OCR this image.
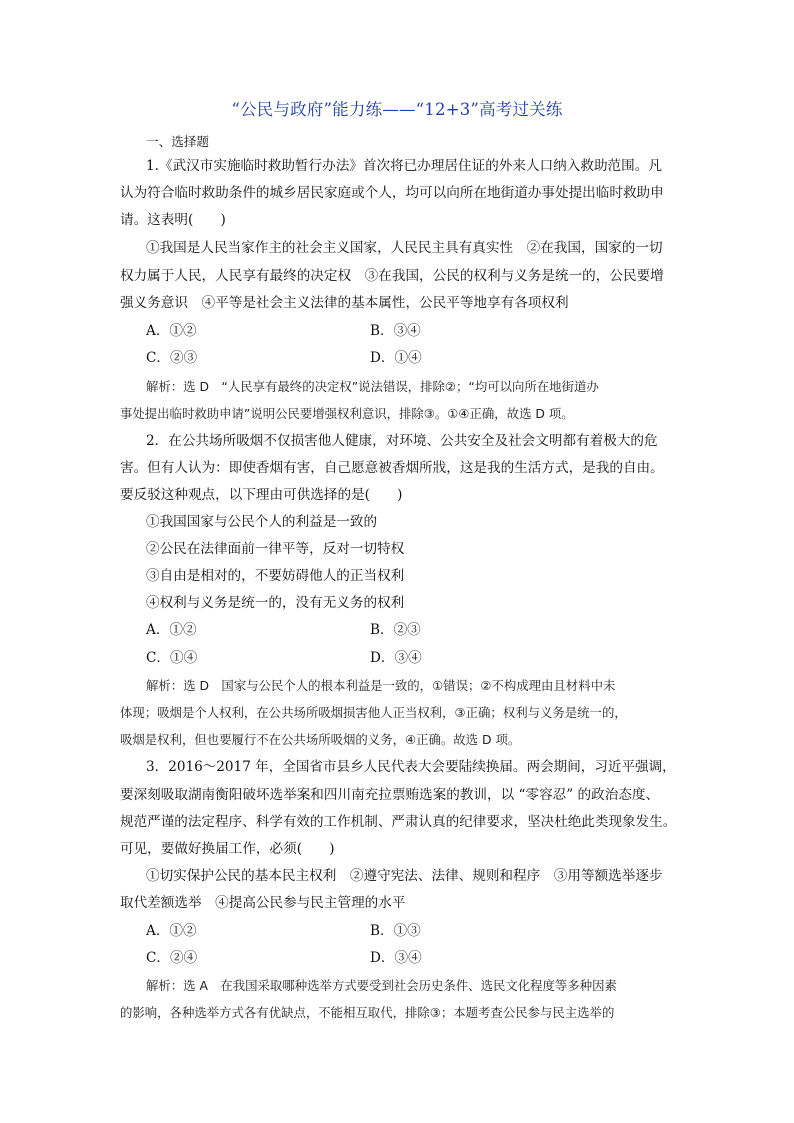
“公民与政府”能力练——“12+3”高考过关练
一、选择题
1.《武汉市实施临时救助暂行办法》首次将已办理居住证的外来人口纳入救助范围。凡
认为符合临时救助条件的城乡居民家庭或个人，均可以向所在地街道办事处提出临时救助申
请。这表明(　　)
①我国是人民当家作主的社会主义国家，人民民主具有真实性　②在我国，国家的一切
权力属于人民，人民享有最终的决定权　③在我国，公民的权利与义务是统一的，公民要增
强义务意识　④平等是社会主义法律的基本属性，公民平等地享有各项权利
A．①②	B．③④
C．②③	D．①④
解析：选 D　“人民享有最终的决定权”说法错误，排除②；“均可以向所在地街道办
事处提出临时救助申请”说明公民要增强权利意识，排除③。①④正确，故选 D 项。
2．在公共场所吸烟不仅损害他人健康，对环境、公共安全及社会文明都有着极大的危
害。但有人认为：即使香烟有害，自己愿意被香烟所戕，这是我的生活方式，是我的自由。
要反驳这种观点，以下理由可供选择的是(　　)
①我国国家与公民个人的利益是一致的
②公民在法律面前一律平等，反对一切特权
③自由是相对的，不要妨碍他人的正当权利
④权利与义务是统一的，没有无义务的权利
A．①②	B．②③
C．①④	D．③④
解析：选 D　国家与公民个人的根本利益是一致的，①错误；②不构成理由且材料中未
体现；吸烟是个人权利，在公共场所吸烟损害他人正当权利，③正确；权利与义务是统一的，
吸烟是权利，但也要履行不在公共场所吸烟的义务，④正确。故选 D 项。
3．2016～2017 年，全国省市县乡人民代表大会要陆续换届。两会期间，习近平强调，
要深刻吸取湖南衡阳破坏选举案和四川南充拉票贿选案的教训，以 “零容忍” 的政治态度、
规范严谨的法定程序、科学有效的工作机制、严肃认真的纪律要求，坚决杜绝此类现象发生。
可见，要做好换届工作，必须(　　)
①切实保护公民的基本民主权利　②遵守宪法、法律、规则和程序　③用等额选举逐步
取代差额选举　④提高公民参与民主管理的水平
A．①②	B．①③
C．②④	D．③④
解析：选 A　在我国采取哪种选举方式要受到社会历史条件、选民文化程度等多种因素
的影响，各种选举方式各有优缺点，不能相互取代，排除③；本题考查公民参与民主选举的
